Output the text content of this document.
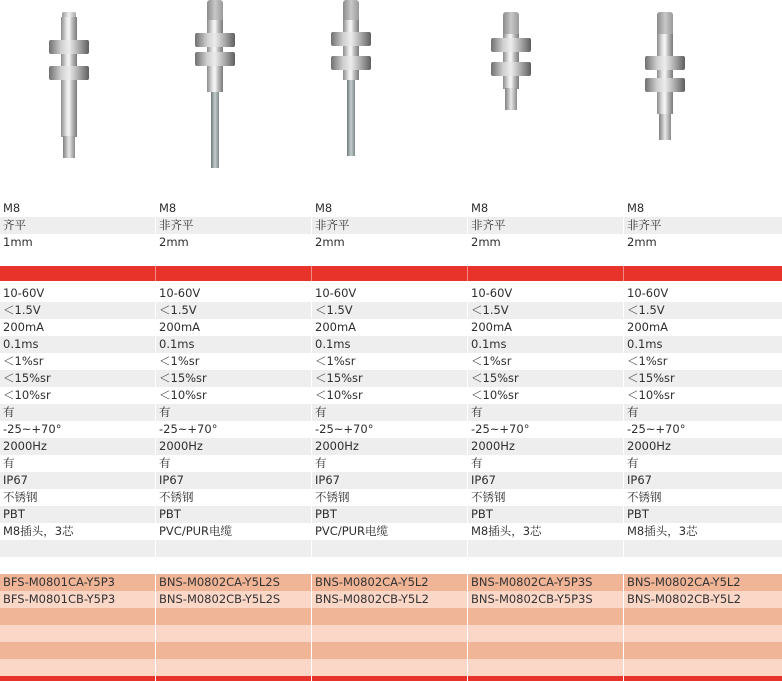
M8	M8	M8	M8	M8
齐平	非齐平	非齐平	非齐平	非齐平
1mm	2mm	2mm	2mm	2mm
10-60V	10-60V	10-60V	10-60V	10-60V
＜1.5V	＜1.5V	＜1.5V	＜1.5V	＜1.5V
200mA	200mA	200mA	200mA	200mA
0.1ms	0.1ms	0.1ms	0.1ms	0.1ms
＜1%sr	＜1%sr	＜1%sr	＜1%sr	＜1%sr
＜15%sr	＜15%sr	＜15%sr	＜15%sr	＜15%sr
＜10%sr	＜10%sr	＜10%sr	＜10%sr	＜10%sr
有	有	有	有	有
-25~+70°	-25~+70°	-25~+70°	-25~+70°	-25~+70°
2000Hz	2000Hz	2000Hz	2000Hz	2000Hz
有	有	有	有	有
IP67	IP67	IP67	IP67	IP67
不锈钢	不锈钢	不锈钢	不锈钢	不锈钢
PBT	PBT	PBT	PBT	PBT
M8插头，3芯	PVC/PUR电缆	PVC/PUR电缆	M8插头，3芯	M8插头，3芯
BFS-M0801CA-Y5P3	BNS-M0802CA-Y5L2S	BNS-M0802CA-Y5L2	BNS-M0802CA-Y5P3S	BNS-M0802CA-Y5L2
BFS-M0801CB-Y5P3	BNS-M0802CB-Y5L2S	BNS-M0802CB-Y5L2	BNS-M0802CB-Y5P3S	BNS-M0802CB-Y5L2
